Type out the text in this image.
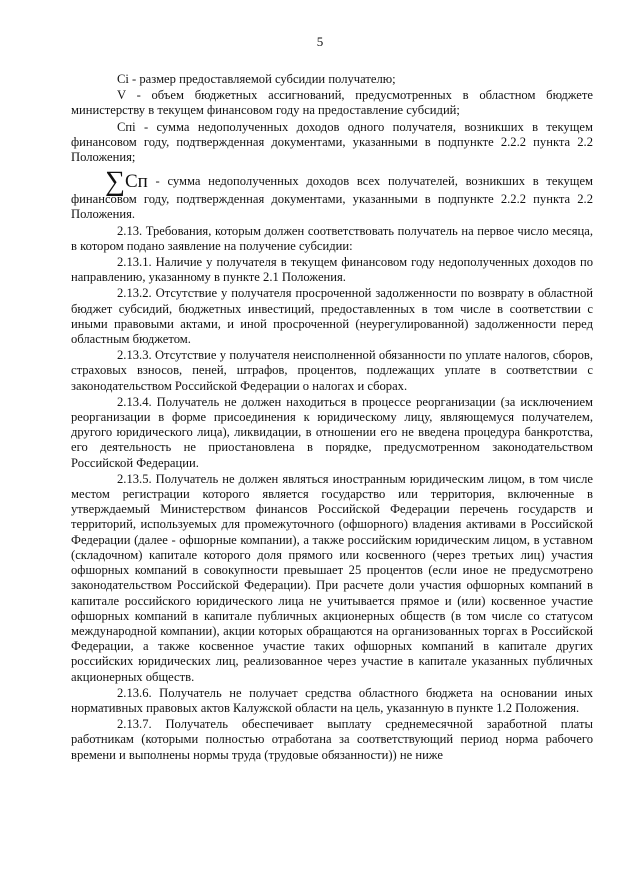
5

Ci - размер предоставляемой субсидии получателю;

V - объем бюджетных ассигнований, предусмотренных в областном бюджете министерству в текущем финансовом году на предоставление субсидий;

Cпi - сумма недополученных доходов одного получателя, возникших в текущем финансовом году, подтвержденная документами, указанными в подпункте 2.2.2 пункта 2.2 Положения;

∑Cп - сумма недополученных доходов всех получателей, возникших в текущем финансовом году, подтвержденная документами, указанными в подпункте 2.2.2 пункта 2.2 Положения.

2.13. Требования, которым должен соответствовать получатель на первое число месяца, в котором подано заявление на получение субсидии:

2.13.1. Наличие у получателя в текущем финансовом году недополученных доходов по направлению, указанному в пункте 2.1 Положения.

2.13.2. Отсутствие у получателя просроченной задолженности по возврату в областной бюджет субсидий, бюджетных инвестиций, предоставленных в том числе в соответствии с иными правовыми актами, и иной просроченной (неурегулированной) задолженности перед областным бюджетом.

2.13.3. Отсутствие у получателя неисполненной обязанности по уплате налогов, сборов, страховых взносов, пеней, штрафов, процентов, подлежащих уплате в соответствии с законодательством Российской Федерации о налогах и сборах.

2.13.4. Получатель не должен находиться в процессе реорганизации (за исключением реорганизации в форме присоединения к юридическому лицу, являющемуся получателем, другого юридического лица), ликвидации, в отношении его не введена процедура банкротства, его деятельность не приостановлена в порядке, предусмотренном законодательством Российской Федерации.

2.13.5. Получатель не должен являться иностранным юридическим лицом, в том числе местом регистрации которого является государство или территория, включенные в утверждаемый Министерством финансов Российской Федерации перечень государств и территорий, используемых для промежуточного (офшорного) владения активами в Российской Федерации (далее - офшорные компании), а также российским юридическим лицом, в уставном (складочном) капитале которого доля прямого или косвенного (через третьих лиц) участия офшорных компаний в совокупности превышает 25 процентов (если иное не предусмотрено законодательством Российской Федерации). При расчете доли участия офшорных компаний в капитале российского юридического лица не учитывается прямое и (или) косвенное участие офшорных компаний в капитале публичных акционерных обществ (в том числе со статусом международной компании), акции которых обращаются на организованных торгах в Российской Федерации, а также косвенное участие таких офшорных компаний в капитале других российских юридических лиц, реализованное через участие в капитале указанных публичных акционерных обществ.

2.13.6. Получатель не получает средства областного бюджета на основании иных нормативных правовых актов Калужской области на цель, указанную в пункте 1.2 Положения.

2.13.7. Получатель обеспечивает выплату среднемесячной заработной платы работникам (которыми полностью отработана за соответствующий период норма рабочего времени и выполнены нормы труда (трудовые обязанности)) не ниже
